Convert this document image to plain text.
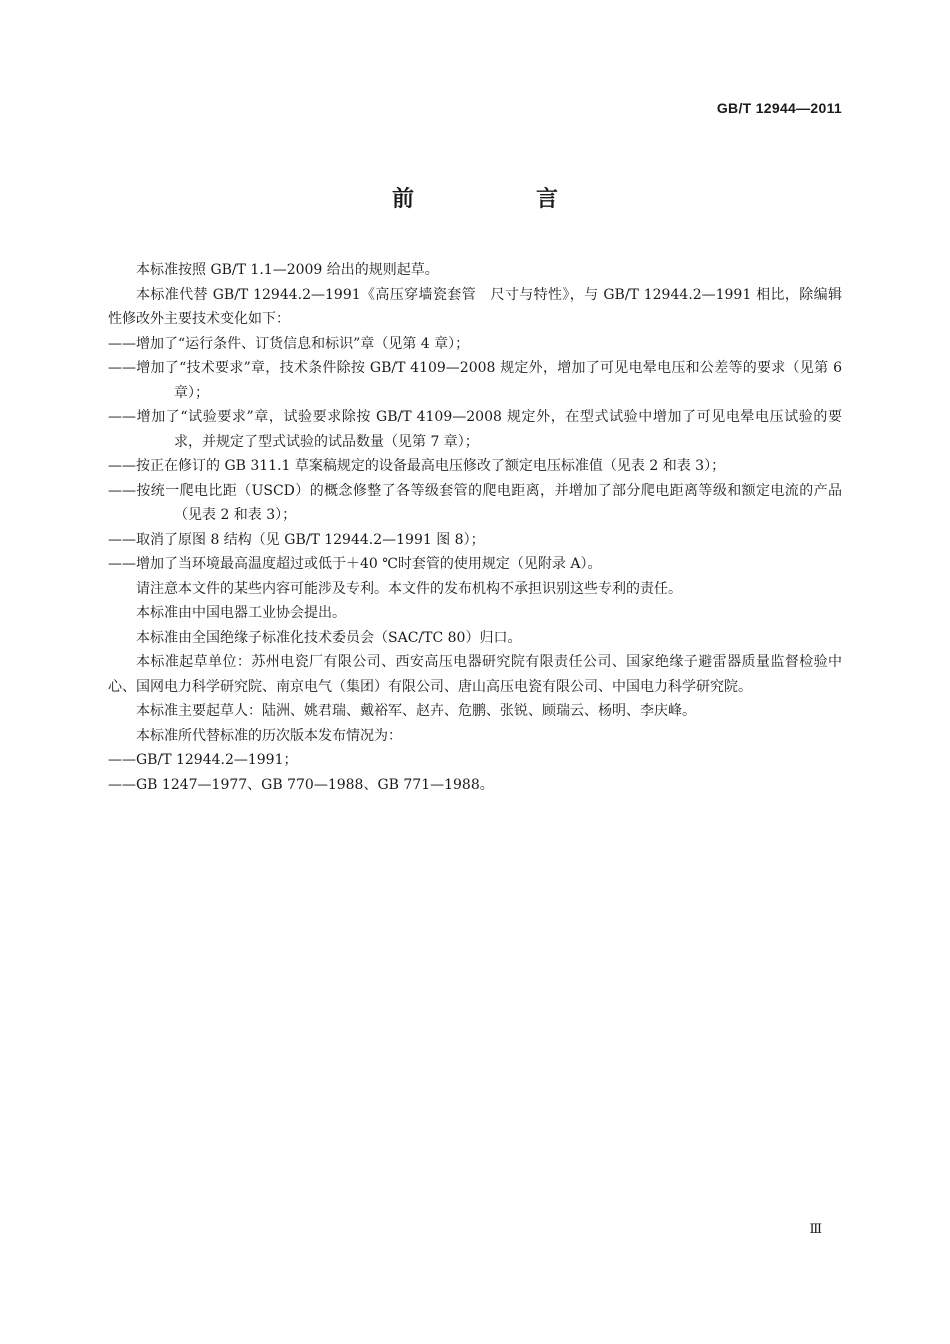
GB/T 12944—2011
前　言

本标准按照 GB/T 1.1—2009 给出的规则起草。

本标准代替 GB/T 12944.2—1991《高压穿墙瓷套管　尺寸与特性》，与 GB/T 12944.2—1991 相比，除编辑性修改外主要技术变化如下：

——增加了“运行条件、订货信息和标识”章（见第 4 章）；

——增加了“技术要求”章，技术条件除按 GB/T 4109—2008 规定外，增加了可见电晕电压和公差等的要求（见第 6 章）；

——增加了“试验要求”章，试验要求除按 GB/T 4109—2008 规定外，在型式试验中增加了可见电晕电压试验的要求，并规定了型式试验的试品数量（见第 7 章）；

——按正在修订的 GB 311.1 草案稿规定的设备最高电压修改了额定电压标准值（见表 2 和表 3）；

——按统一爬电比距（USCD）的概念修整了各等级套管的爬电距离，并增加了部分爬电距离等级和额定电流的产品（见表 2 和表 3）；

——取消了原图 8 结构（见 GB/T 12944.2—1991 图 8）；

——增加了当环境最高温度超过或低于＋40 ℃时套管的使用规定（见附录 A）。

请注意本文件的某些内容可能涉及专利。本文件的发布机构不承担识别这些专利的责任。

本标准由中国电器工业协会提出。

本标准由全国绝缘子标准化技术委员会（SAC/TC 80）归口。

本标准起草单位：苏州电瓷厂有限公司、西安高压电器研究院有限责任公司、国家绝缘子避雷器质量监督检验中心、国网电力科学研究院、南京电气（集团）有限公司、唐山高压电瓷有限公司、中国电力科学研究院。

本标准主要起草人：陆洲、姚君瑞、戴裕军、赵卉、危鹏、张锐、顾瑞云、杨明、李庆峰。

本标准所代替标准的历次版本发布情况为：

——GB/T 12944.2—1991；

——GB 1247—1977、GB 770—1988、GB 771—1988。

Ⅲ
